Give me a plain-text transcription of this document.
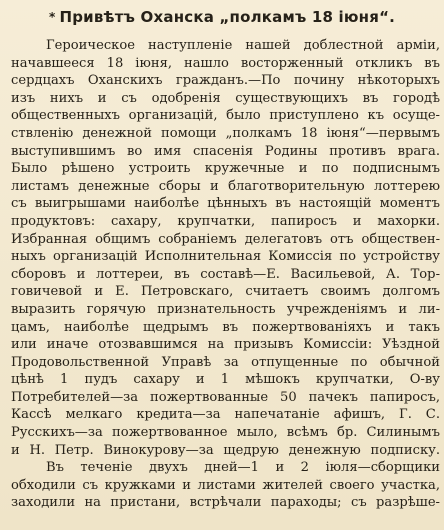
* Привѣтъ Оханска „полкамъ 18 іюня“.
Героическое наступленіе нашей доблестной арміи,
начавшееся 18 іюня, нашло восторженный откликъ въ
сердцахъ Оханскихъ гражданъ.—По почину нѣкоторыхъ
изъ нихъ и съ одобренія существующихъ въ городѣ
общественныхъ организацій, было приступлено къ осуще-
ствленію денежной помощи „полкамъ 18 іюня“—первымъ
выступившимъ во имя спасенія Родины противъ врага.
Было рѣшено устроить кружечные и по подписнымъ
листамъ денежные сборы и благотворительную лоттерею
съ выигрышами наиболѣе цѣнныхъ въ настоящій моментъ
продуктовъ: сахару, крупчатки, папиросъ и махорки.
Избранная общимъ собраніемъ делегатовъ отъ обществен-
ныхъ организацій Исполнительная Комиссія по устройству
сборовъ и лоттереи, въ составѣ—Е. Васильевой, А. Тор-
говичевой и Е. Петровскаго, считаетъ своимъ долгомъ
выразить горячую признательность учрежденіямъ и ли-
цамъ, наиболѣе щедрымъ въ пожертвованіяхъ и такъ
или иначе отозвавшимся на призывъ Комиссіи: Уѣздной
Продовольственной Управѣ за отпущенные по обычной
цѣнѣ 1 пудъ сахару и 1 мѣшокъ крупчатки, О-ву
Потребителей—за пожертвованные 50 пачекъ папиросъ,
Кассѣ мелкаго кредита—за напечатаніе афишъ, Г. С.
Русскихъ—за пожертвованное мыло, всѣмъ бр. Силинымъ
и Н. Петр. Винокурову—за щедрую денежную подписку.
Въ теченіе двухъ дней—1 и 2 іюля—сборщики
обходили съ кружками и листами жителей своего участка,
заходили на пристани, встрѣчали параходы; съ разрѣше-
